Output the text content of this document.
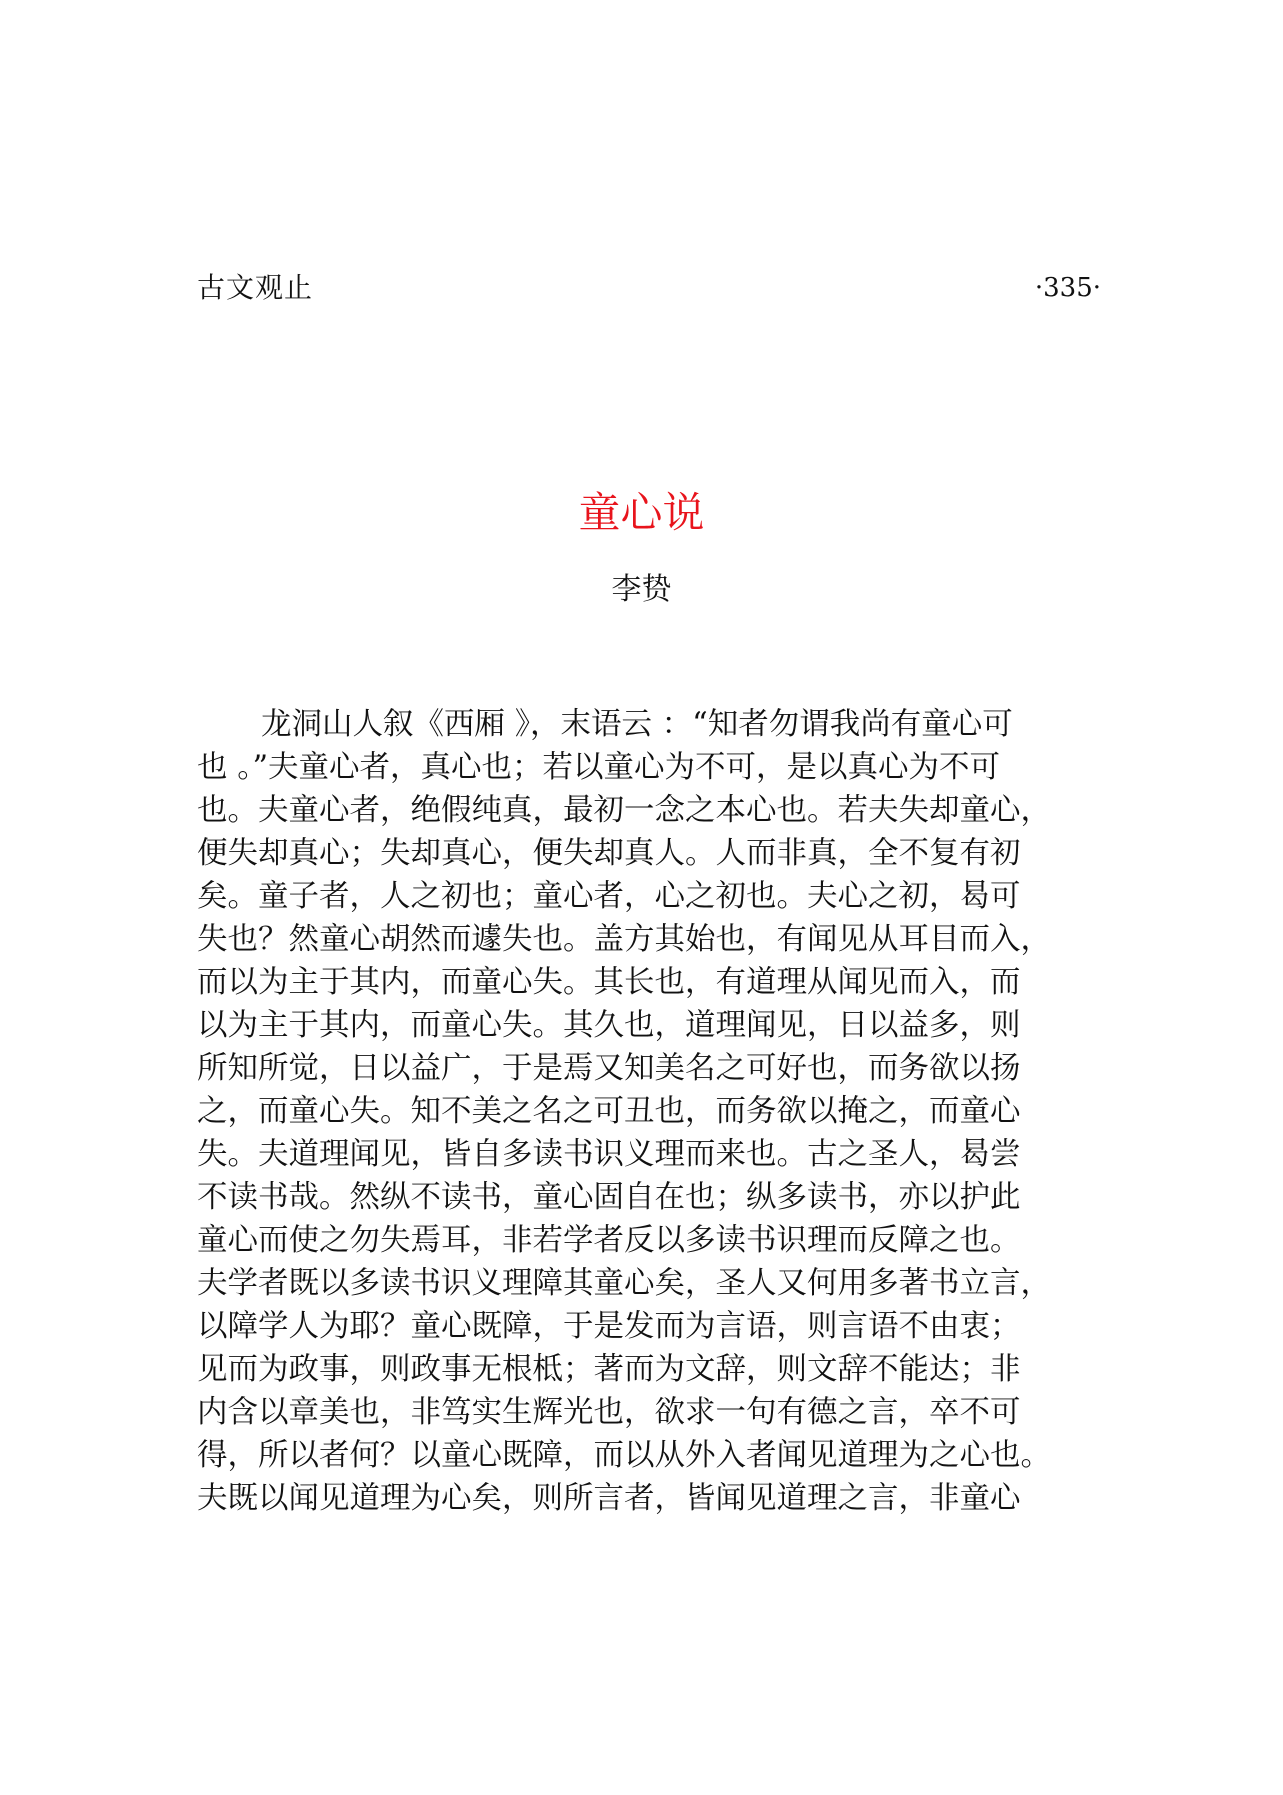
古文观止	·335·
童心说
李贽
龙洞山人叙《西厢 》，末语云 ：“知者勿谓我尚有童心可
也 。”夫童心者，真心也；若以童心为不可，是以真心为不可
也。夫童心者，绝假纯真，最初一念之本心也。若夫失却童心，
便失却真心；失却真心，便失却真人。人而非真，全不复有初
矣。童子者，人之初也；童心者，心之初也。夫心之初，曷可
失也？然童心胡然而遽失也。盖方其始也，有闻见从耳目而入，
而以为主于其内，而童心失。其长也，有道理从闻见而入，而
以为主于其内，而童心失。其久也，道理闻见，日以益多，则
所知所觉，日以益广，于是焉又知美名之可好也，而务欲以扬
之，而童心失。知不美之名之可丑也，而务欲以掩之，而童心
失。夫道理闻见，皆自多读书识义理而来也。古之圣人，曷尝
不读书哉。然纵不读书，童心固自在也；纵多读书，亦以护此
童心而使之勿失焉耳，非若学者反以多读书识理而反障之也。
夫学者既以多读书识义理障其童心矣，圣人又何用多著书立言，
以障学人为耶？童心既障，于是发而为言语，则言语不由衷；
见而为政事，则政事无根柢；著而为文辞，则文辞不能达；非
内含以章美也，非笃实生辉光也，欲求一句有德之言，卒不可
得，所以者何？以童心既障，而以从外入者闻见道理为之心也。
夫既以闻见道理为心矣，则所言者，皆闻见道理之言，非童心
